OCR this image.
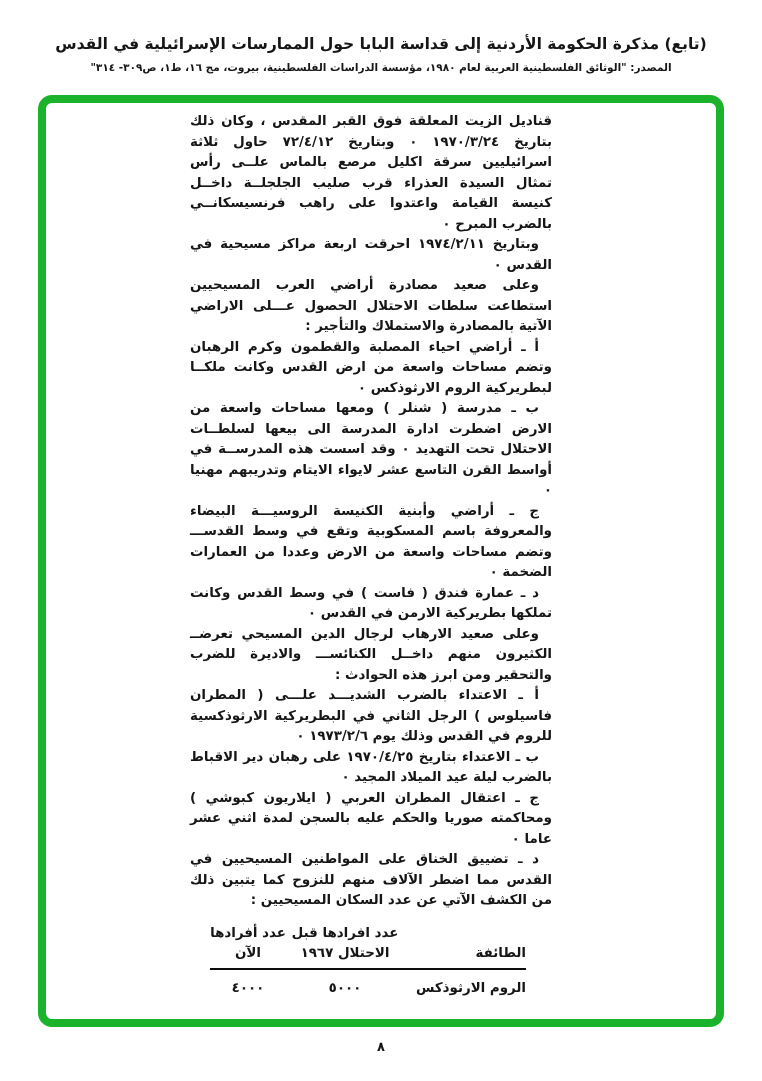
(تابع) مذكرة الحكومة الأردنية إلى قداسة البابا حول الممارسات الإسرائيلية في القدس
المصدر: "الوثائق الفلسطينية العربية لعام ١٩٨٠، مؤسسة الدراسات الفلسطينية، بيروت، مج ١٦، ط١، ص٣٠٩- ٣١٤"

قناديل الزيت المعلقة فوق القبر المقدس ، وكان ذلك بتاريخ ١٩٧٠/٣/٢٤ ٠ وبتاريخ ٧٢/٤/١٢ حاول ثلاثة اسرائيليين سرقة اكليل مرصع بالماس علــى رأس تمثال السيدة العذراء قرب صليب الجلجلــة داخــل كنيسة القيامة واعتدوا على راهب فرنسيسكانــي بالضرب المبرح ٠

وبتاريخ ١٩٧٤/٢/١١ احرقت اربعة مراكز مسيحية في القدس ٠

وعلى صعيد مصادرة أراضي العرب المسيحيين استطاعت سلطات الاحتلال الحصول عـــلى الاراضي الآتية بالمصادرة والاستملاك والتأجير :

أ ـ أراضي احياء المصلبة والقطمون وكرم الرهبان وتضم مساحات واسعة من ارض القدس وكانت ملكــا لبطريركية الروم الارثوذكس ٠

ب ـ مدرسة ( شنلر ) ومعها مساحات واسعة من الارض اضطرت ادارة المدرسة الى بيعها لسلطــات الاحتلال تحت التهديد ٠ وقد اسست هذه المدرســة في أواسط القرن التاسع عشر لايواء الايتام وتدريبهم مهنيا ٠

ج ـ أراضي وأبنية الكنيسة الروسيـــة البيضاء والمعروفة باسم المسكوبية وتقع في وسط القدســـ وتضم مساحات واسعة من الارض وعددا من العمارات الضخمة ٠

د ـ عمارة فندق ( فاست ) في وسط القدس وكانت تملكها بطريركية الارمن في القدس ٠

وعلى صعيد الارهاب لرجال الدين المسيحي تعرضــ الكثيرون منهم داخــل الكنائســـ والاديرة للضرب والتحقير ومن ابرز هذه الحوادث :

أ ـ الاعتداء بالضرب الشديـــد علـــى ( المطران فاسيلوس ) الرجل الثاني في البطريركية الارثوذكسية للروم في القدس وذلك يوم ١٩٧٣/٢/٦ ٠

ب ـ الاعتداء بتاريخ ١٩٧٠/٤/٢٥ على رهبان دير الاقباط بالضرب ليلة عيد الميلاد المجيد ٠

ج ـ اعتقال المطران العربي ( ايلاريون كبوشي ) ومحاكمته صوريا والحكم عليه بالسجن لمدة اثني عشر عاما ٠

د ـ تضييق الخناق على المواطنين المسيحيين في القدس مما اضطر الآلاف منهم للنزوح كما يتبين ذلك من الكشف الآتي عن عدد السكان المسيحيين :

الطائفة
عدد افرادها قبل
الاحتلال ١٩٦٧
عدد أفرادها
الآن
الروم الارثوذكس
٥٠٠٠
٤٠٠٠
٨
